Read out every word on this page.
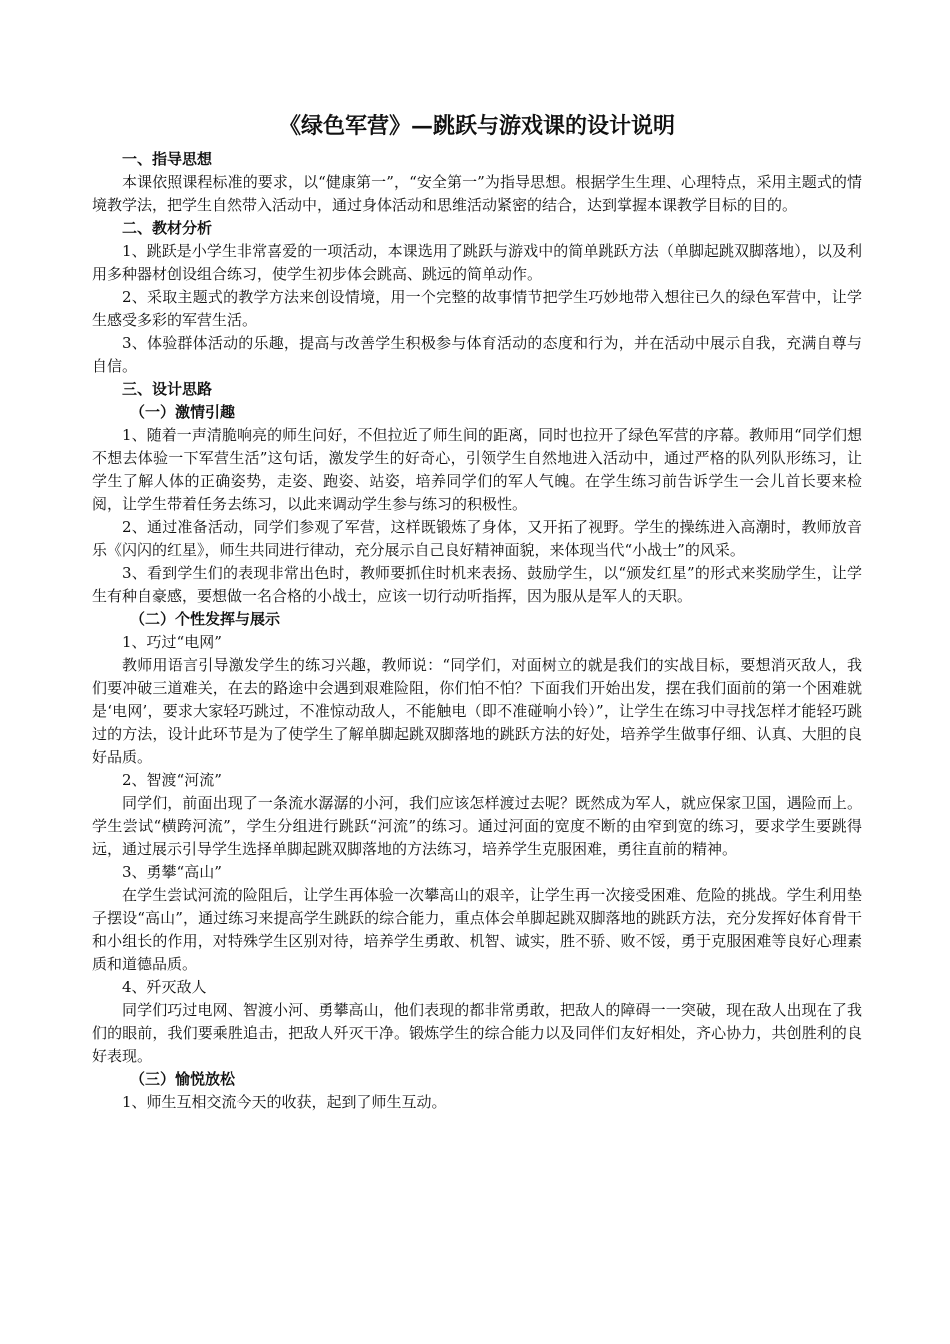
《绿色军营》—跳跃与游戏课的设计说明
一、指导思想
本课依照课程标准的要求，以“健康第一”，“安全第一”为指导思想。根据学生生理、心理特点，采用主题式的情境教学法，把学生自然带入活动中，通过身体活动和思维活动紧密的结合，达到掌握本课教学目标的目的。
二、教材分析
1、跳跃是小学生非常喜爱的一项活动，本课选用了跳跃与游戏中的简单跳跃方法（单脚起跳双脚落地），以及利用多种器材创设组合练习，使学生初步体会跳高、跳远的简单动作。
2、采取主题式的教学方法来创设情境，用一个完整的故事情节把学生巧妙地带入想往已久的绿色军营中，让学生感受多彩的军营生活。
3、体验群体活动的乐趣，提高与改善学生积极参与体育活动的态度和行为，并在活动中展示自我，充满自尊与自信。
三、设计思路
（一）激情引趣
1、随着一声清脆响亮的师生问好，不但拉近了师生间的距离，同时也拉开了绿色军营的序幕。教师用“同学们想不想去体验一下军营生活”这句话，激发学生的好奇心，引领学生自然地进入活动中，通过严格的队列队形练习，让学生了解人体的正确姿势，走姿、跑姿、站姿，培养同学们的军人气魄。在学生练习前告诉学生一会儿首长要来检阅，让学生带着任务去练习，以此来调动学生参与练习的积极性。
2、通过准备活动，同学们参观了军营，这样既锻炼了身体，又开拓了视野。学生的操练进入高潮时，教师放音乐《闪闪的红星》，师生共同进行律动，充分展示自己良好精神面貌，来体现当代“小战士”的风采。
3、看到学生们的表现非常出色时，教师要抓住时机来表扬、鼓励学生，以“颁发红星”的形式来奖励学生，让学生有种自豪感，要想做一名合格的小战士，应该一切行动听指挥，因为服从是军人的天职。
（二）个性发挥与展示
1、巧过“电网”
教师用语言引导激发学生的练习兴趣，教师说：“同学们，对面树立的就是我们的实战目标，要想消灭敌人，我们要冲破三道难关，在去的路途中会遇到艰难险阻，你们怕不怕？下面我们开始出发，摆在我们面前的第一个困难就是‘电网’，要求大家轻巧跳过，不准惊动敌人，不能触电（即不准碰响小铃）”，让学生在练习中寻找怎样才能轻巧跳过的方法，设计此环节是为了使学生了解单脚起跳双脚落地的跳跃方法的好处，培养学生做事仔细、认真、大胆的良好品质。
2、智渡“河流”
同学们，前面出现了一条流水潺潺的小河，我们应该怎样渡过去呢？既然成为军人，就应保家卫国，遇险而上。学生尝试“横跨河流”，学生分组进行跳跃“河流”的练习。通过河面的宽度不断的由窄到宽的练习，要求学生要跳得远，通过展示引导学生选择单脚起跳双脚落地的方法练习，培养学生克服困难，勇往直前的精神。
3、勇攀“高山”
在学生尝试河流的险阻后，让学生再体验一次攀高山的艰辛，让学生再一次接受困难、危险的挑战。学生利用垫子摆设“高山”，通过练习来提高学生跳跃的综合能力，重点体会单脚起跳双脚落地的跳跃方法，充分发挥好体育骨干和小组长的作用，对特殊学生区别对待，培养学生勇敢、机智、诚实，胜不骄、败不馁，勇于克服困难等良好心理素质和道德品质。
4、歼灭敌人
同学们巧过电网、智渡小河、勇攀高山，他们表现的都非常勇敢，把敌人的障碍一一突破，现在敌人出现在了我们的眼前，我们要乘胜追击，把敌人歼灭干净。锻炼学生的综合能力以及同伴们友好相处，齐心协力，共创胜利的良好表现。
（三）愉悦放松
1、师生互相交流今天的收获，起到了师生互动。
